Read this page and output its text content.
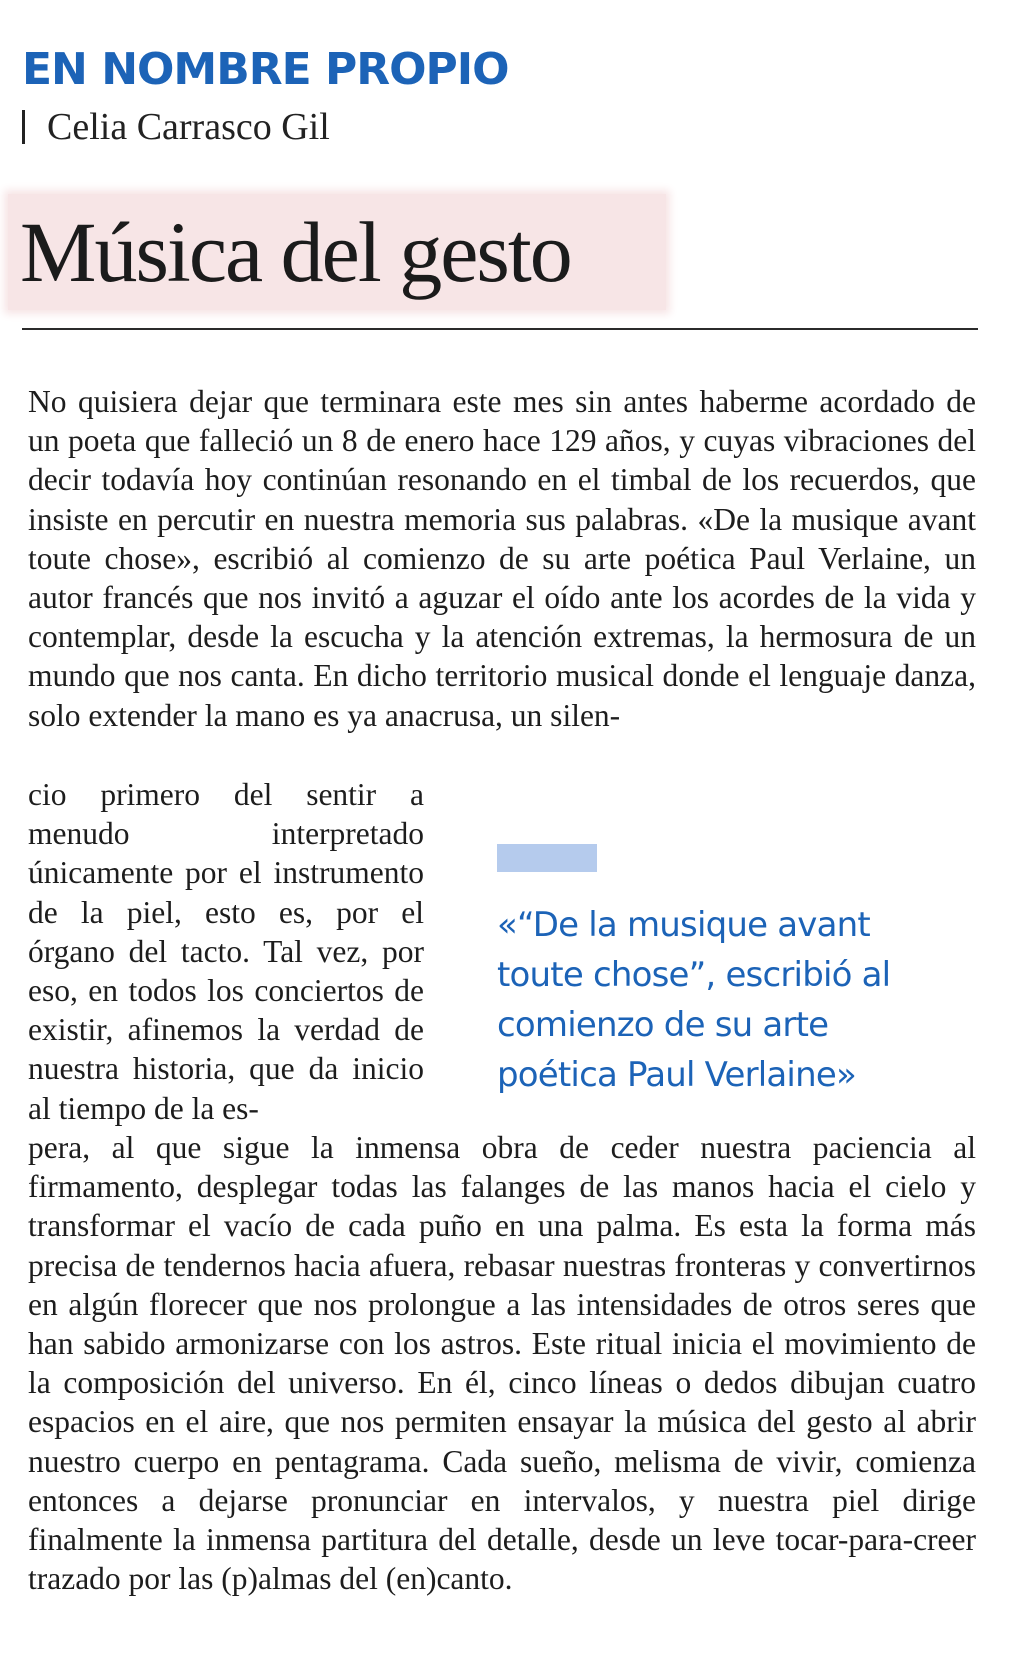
EN NOMBRE PROPIO
Celia Carrasco Gil
Música del gesto

No quisiera dejar que terminara este mes sin antes haberme acordado de un poeta que falleció un 8 de enero hace 129 años, y cuyas vibraciones del decir todavía hoy continúan resonando en el timbal de los recuerdos, que insiste en percutir en nuestra memoria sus palabras. «De la musique avant toute chose», escribió al comienzo de su arte poética Paul Verlaine, un autor francés que nos invitó a aguzar el oído ante los acordes de la vida y contemplar, desde la escucha y la atención extremas, la hermosura de un mundo que nos canta. En dicho territorio musical donde el lenguaje danza, solo extender la mano es ya anacrusa, un silen-

cio primero del sentir a menudo interpretado únicamente por el instrumento de la piel, esto es, por el órgano del tacto. Tal vez, por eso, en todos los conciertos de existir, afinemos la verdad de nuestra historia, que da inicio al tiempo de la es-

pera, al que sigue la inmensa obra de ceder nuestra paciencia al firmamento, desplegar todas las falanges de las manos hacia el cielo y transformar el vacío de cada puño en una palma. Es esta la forma más precisa de tendernos hacia afuera, rebasar nuestras fronteras y convertirnos en algún florecer que nos prolongue a las intensidades de otros seres que han sabido armonizarse con los astros. Este ritual inicia el movimiento de la composición del universo. En él, cinco líneas o dedos dibujan cuatro espacios en el aire, que nos permiten ensayar la música del gesto al abrir nuestro cuerpo en pentagrama. Cada sueño, melisma de vivir, comienza entonces a dejarse pronunciar en intervalos, y nuestra piel dirige finalmente la inmensa partitura del detalle, desde un leve tocar-para-creer trazado por las (p)almas del (en)canto.

«“De la musique avant toute chose”, escribió al comienzo de su arte poética Paul Verlaine»
